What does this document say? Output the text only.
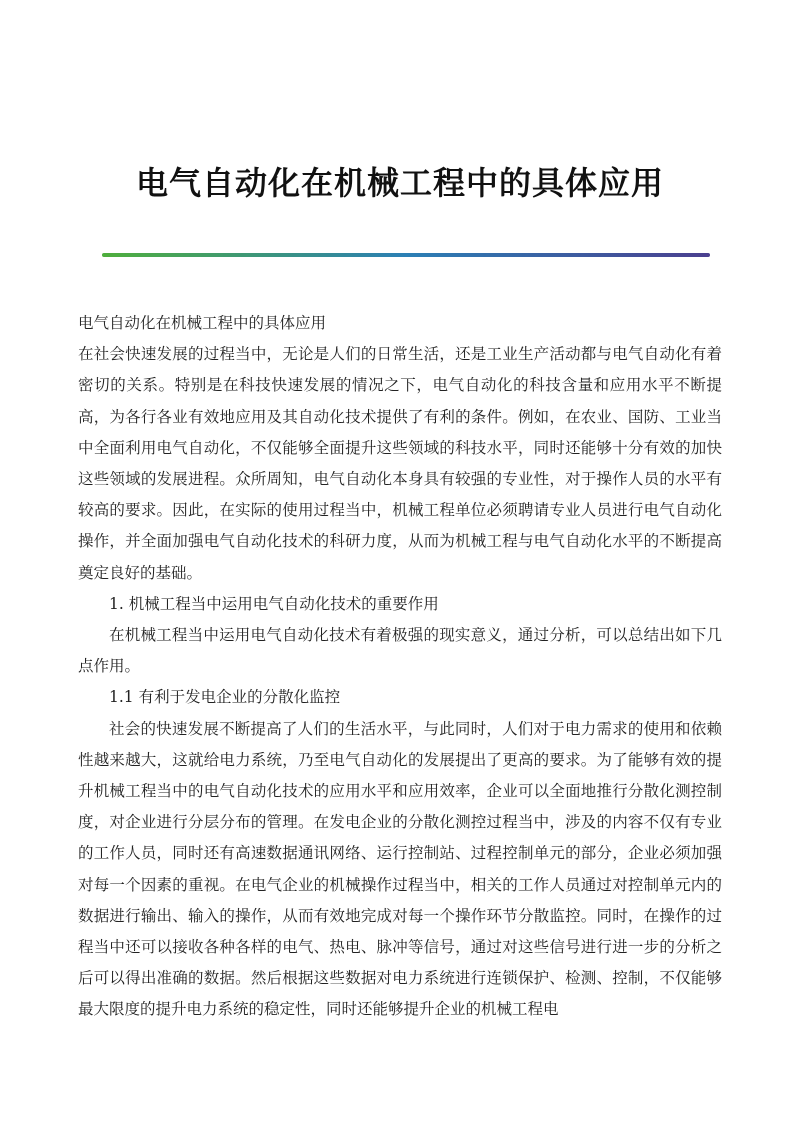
电气自动化在机械工程中的具体应用

电气自动化在机械工程中的具体应用

在社会快速发展的过程当中，无论是人们的日常生活，还是工业生产活动都与电气自动化有着密切的关系。特别是在科技快速发展的情况之下，电气自动化的科技含量和应用水平不断提高，为各行各业有效地应用及其自动化技术提供了有利的条件。例如，在农业、国防、工业当中全面利用电气自动化，不仅能够全面提升这些领域的科技水平，同时还能够十分有效的加快这些领域的发展进程。众所周知，电气自动化本身具有较强的专业性，对于操作人员的水平有较高的要求。因此，在实际的使用过程当中，机械工程单位必须聘请专业人员进行电气自动化操作，并全面加强电气自动化技术的科研力度，从而为机械工程与电气自动化水平的不断提高奠定良好的基础。

1. 机械工程当中运用电气自动化技术的重要作用

在机械工程当中运用电气自动化技术有着极强的现实意义，通过分析，可以总结出如下几点作用。

1.1 有利于发电企业的分散化监控

社会的快速发展不断提高了人们的生活水平，与此同时，人们对于电力需求的使用和依赖性越来越大，这就给电力系统，乃至电气自动化的发展提出了更高的要求。为了能够有效的提升机械工程当中的电气自动化技术的应用水平和应用效率，企业可以全面地推行分散化测控制度，对企业进行分层分布的管理。在发电企业的分散化测控过程当中，涉及的内容不仅有专业的工作人员，同时还有高速数据通讯网络、运行控制站、过程控制单元的部分，企业必须加强对每一个因素的重视。在电气企业的机械操作过程当中，相关的工作人员通过对控制单元内的数据进行输出、输入的操作，从而有效地完成对每一个操作环节分散监控。同时，在操作的过程当中还可以接收各种各样的电气、热电、脉冲等信号，通过对这些信号进行进一步的分析之后可以得出准确的数据。然后根据这些数据对电力系统进行连锁保护、检测、控制，不仅能够最大限度的提升电力系统的稳定性，同时还能够提升企业的机械工程电
